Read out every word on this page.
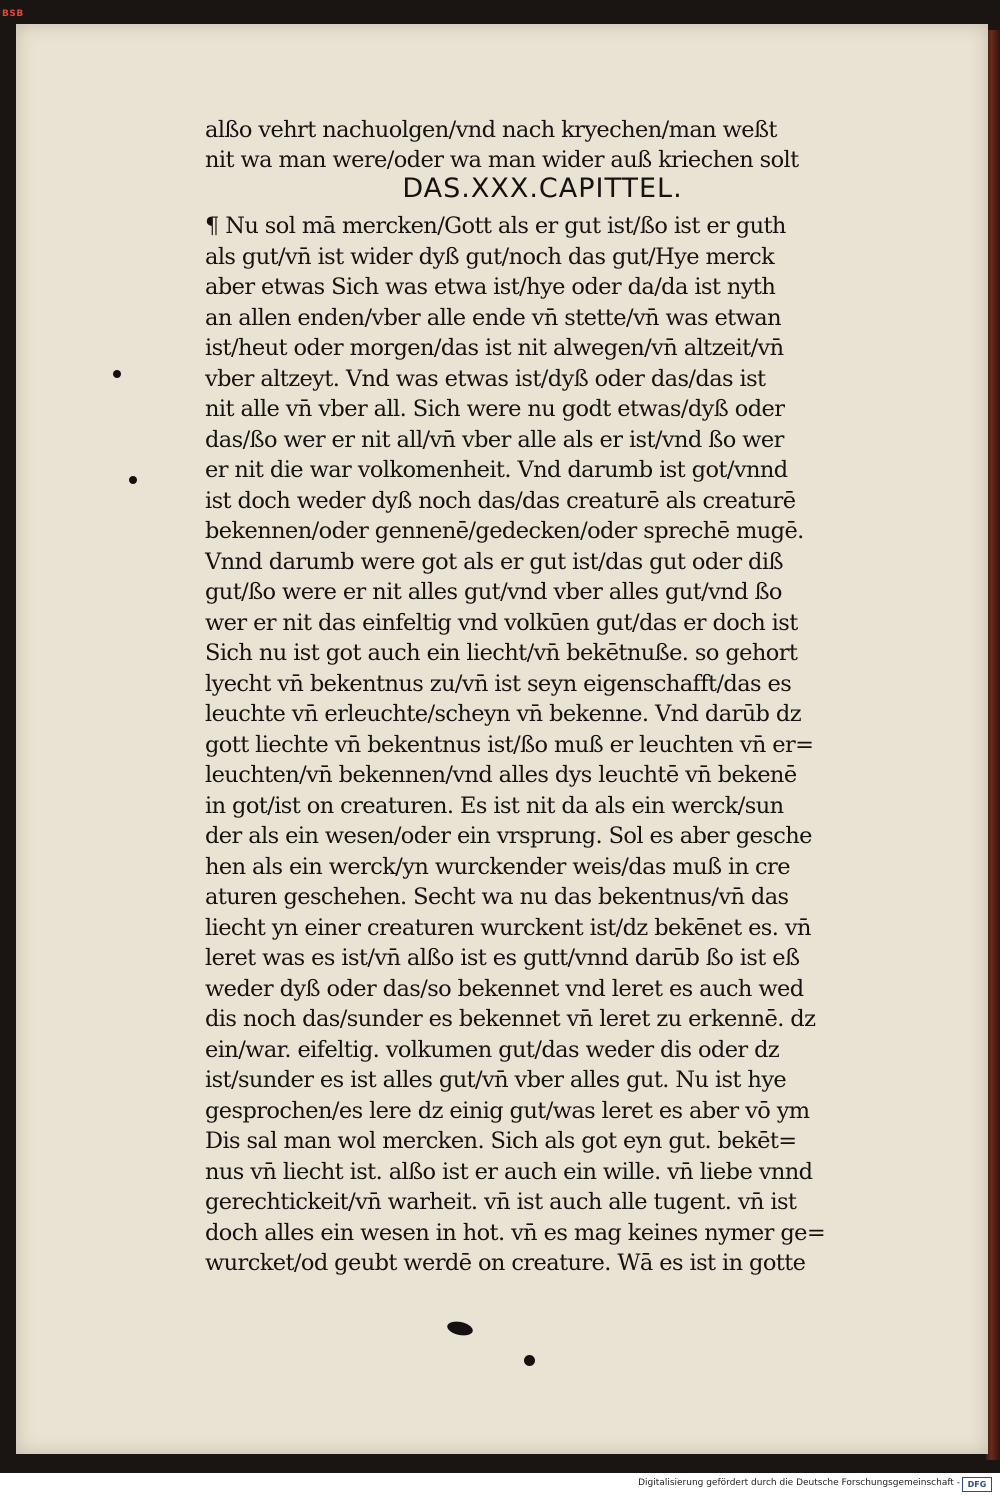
BSB
alßo vehrt nachuolgen/vnd nach kryechen/man weßt
nit wa man were/oder wa man wider auß kriechen solt
DAS.XXX.CAPITTEL.
¶ Nu sol mā mercken/Gott als er gut ist/ßo ist er guth
als gut/vn̄ ist wider dyß gut/noch das gut/Hye merck
aber etwas Sich was etwa ist/hye oder da/da ist nyth
an allen enden/vber alle ende vn̄ stette/vn̄ was etwan
ist/heut oder morgen/das ist nit alwegen/vn̄ altzeit/vn̄
vber altzeyt. Vnd was etwas ist/dyß oder das/das ist
nit alle vn̄ vber all. Sich were nu godt etwas/dyß oder
das/ßo wer er nit all/vn̄ vber alle als er ist/vnd ßo wer
er nit die war volkomenheit. Vnd darumb ist got/vnnd
ist doch weder dyß noch das/das creaturē als creaturē
bekennen/oder gennenē/gedecken/oder sprechē mugē.
Vnnd darumb were got als er gut ist/das gut oder diß
gut/ßo were er nit alles gut/vnd vber alles gut/vnd ßo
wer er nit das einfeltig vnd volkūen gut/das er doch ist
Sich nu ist got auch ein liecht/vn̄ bekētnuße. so gehort
lyecht vn̄ bekentnus zu/vn̄ ist seyn eigenschafft/das es
leuchte vn̄ erleuchte/scheyn vn̄ bekenne. Vnd darūb dz
gott liechte vn̄ bekentnus ist/ßo muß er leuchten vn̄ er=
leuchten/vn̄ bekennen/vnd alles dys leuchtē vn̄ bekenē
in got/ist on creaturen. Es ist nit da als ein werck/sun
der als ein wesen/oder ein vrsprung. Sol es aber gesche
hen als ein werck/yn wurckender weis/das muß in cre
aturen geschehen. Secht wa nu das bekentnus/vn̄ das
liecht yn einer creaturen wurckent ist/dz bekēnet es. vn̄
leret was es ist/vn̄ alßo ist es gutt/vnnd darūb ßo ist eß
weder dyß oder das/so bekennet vnd leret es auch wed
dis noch das/sunder es bekennet vn̄ leret zu erkennē. dz
ein/war. eifeltig. volkumen gut/das weder dis oder dz
ist/sunder es ist alles gut/vn̄ vber alles gut. Nu ist hye
gesprochen/es lere dz einig gut/was leret es aber vō ym
Dis sal man wol mercken. Sich als got eyn gut. bekēt=
nus vn̄ liecht ist. alßo ist er auch ein wille. vn̄ liebe vnnd
gerechtickeit/vn̄ warheit. vn̄ ist auch alle tugent. vn̄ ist
doch alles ein wesen in hot. vn̄ es mag keines nymer ge=
wurcket/od geubt werdē on creature. Wā es ist in gotte
Digitalisierung gefördert durch die Deutsche Forschungsgemeinschaft - DFG
